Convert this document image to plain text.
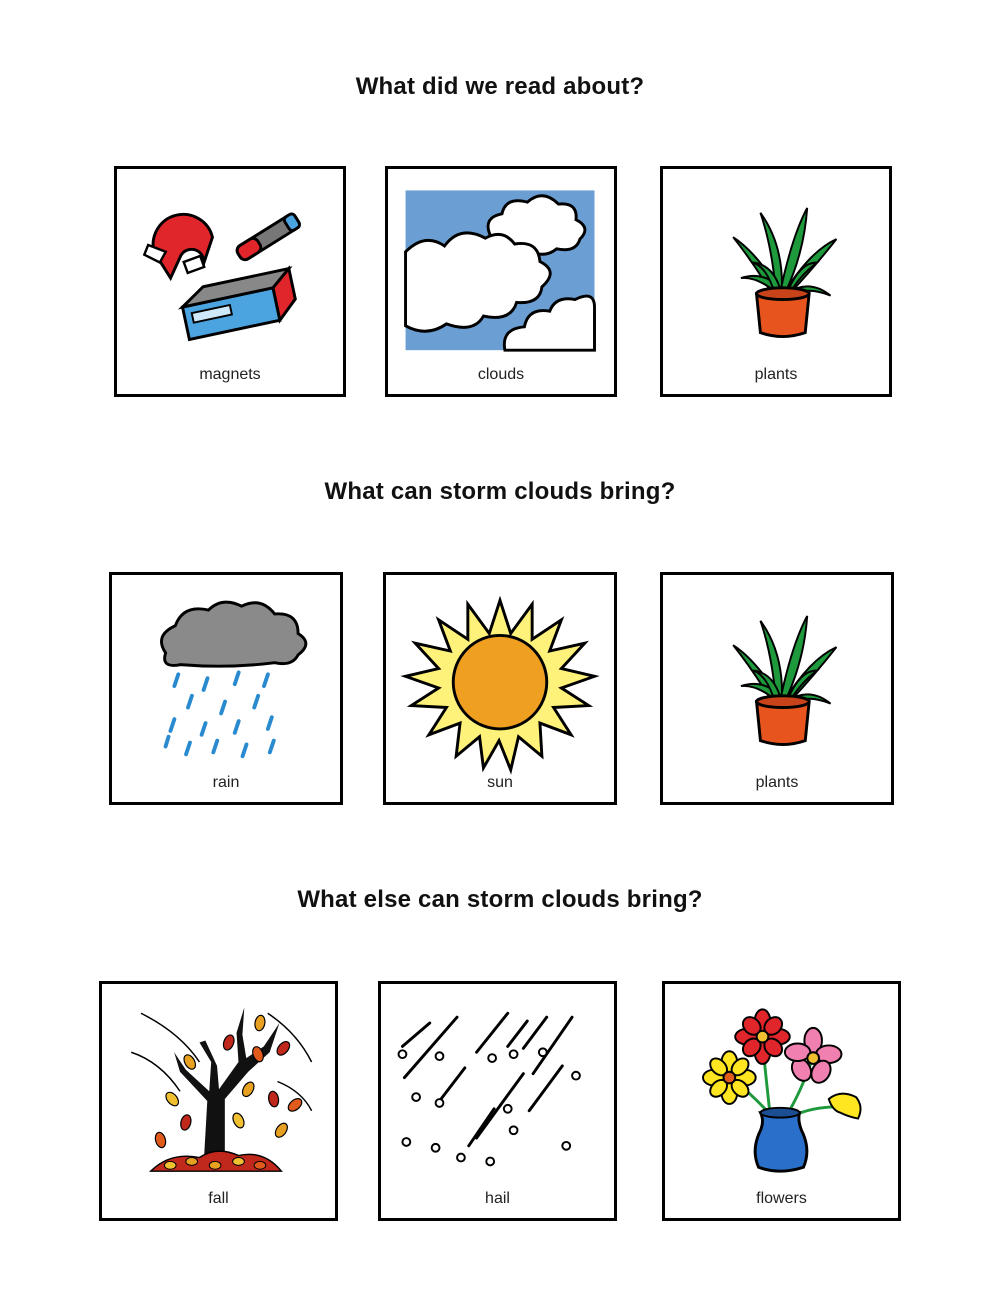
What did we read about?
magnets	clouds	plants
What can storm clouds bring?
rain	sun	plants
What else can storm clouds bring?
fall	hail	flowers
